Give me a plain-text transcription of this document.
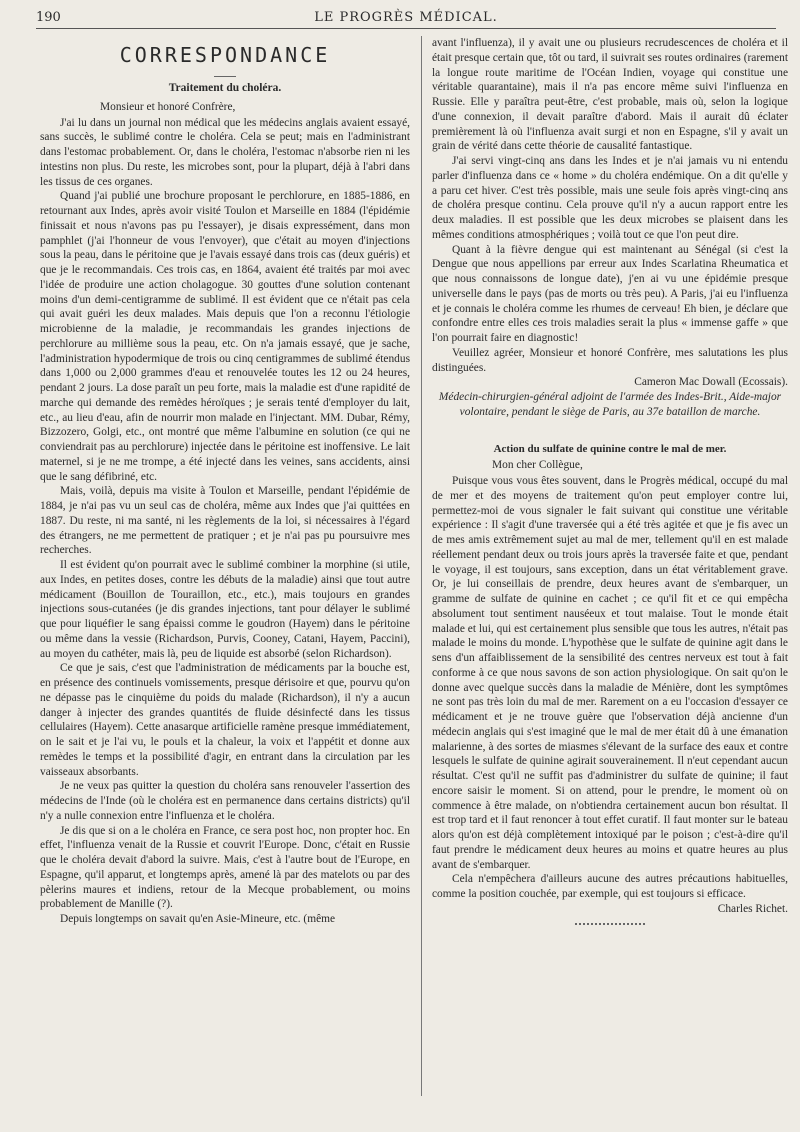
190	LE PROGRÈS MÉDICAL.
CORRESPONDANCE
Traitement du choléra.

Monsieur et honoré Confrère,

J'ai lu dans un journal non médical que les médecins anglais avaient essayé, sans succès, le sublimé contre le choléra. Cela se peut; mais en l'administrant dans l'estomac probablement. Or, dans le choléra, l'estomac n'absorbe rien ni les intestins non plus. Du reste, les microbes sont, pour la plupart, déjà à l'abri dans les tissus de ces organes.

Quand j'ai publié une brochure proposant le perchlorure, en 1885-1886, en retournant aux Indes, après avoir visité Toulon et Marseille en 1884 (l'épidémie finissait et nous n'avons pas pu l'essayer), je disais expressément, dans mon pamphlet (j'ai l'honneur de vous l'envoyer), que c'était au moyen d'injections sous la peau, dans le péritoine que je l'avais essayé dans trois cas (deux guéris) et que je le recommandais. Ces trois cas, en 1864, avaient été traités par moi avec l'idée de produire une action cholagogue. 30 gouttes d'une solution contenant moins d'un demi-centigramme de sublimé. Il est évident que ce n'était pas cela qui avait guéri les deux malades. Mais depuis que l'on a reconnu l'étiologie microbienne de la maladie, je recommandais les grandes injections de perchlorure au millième sous la peau, etc. On n'a jamais essayé, que je sache, l'administration hypodermique de trois ou cinq centigrammes de sublimé étendus dans 1,000 ou 2,000 grammes d'eau et renouvelée toutes les 12 ou 24 heures, pendant 2 jours. La dose paraît un peu forte, mais la maladie est d'une rapidité de marche qui demande des remèdes héroïques ; je serais tenté d'employer du lait, etc., au lieu d'eau, afin de nourrir mon malade en l'injectant. MM. Dubar, Rémy, Bizzozero, Golgi, etc., ont montré que même l'albumine en solution (ce qui ne conviendrait pas au perchlorure) injectée dans le péritoine est inoffensive. Le lait maternel, si je ne me trompe, a été injecté dans les veines, sans accidents, ainsi que le sang défibriné, etc.

Mais, voilà, depuis ma visite à Toulon et Marseille, pendant l'épidémie de 1884, je n'ai pas vu un seul cas de choléra, même aux Indes que j'ai quittées en 1887. Du reste, ni ma santé, ni les règlements de la loi, si nécessaires à l'égard des étrangers, ne me permettent de pratiquer ; et je n'ai pas pu poursuivre mes recherches.

Il est évident qu'on pourrait avec le sublimé combiner la morphine (si utile, aux Indes, en petites doses, contre les débuts de la maladie) ainsi que tout autre médicament (Bouillon de Touraillon, etc., etc.), mais toujours en grandes injections sous-cutanées (je dis grandes injections, tant pour délayer le sublimé que pour liquéfier le sang épaissi comme le goudron (Hayem) dans le péritoine ou même dans la vessie (Richardson, Purvis, Cooney, Catani, Hayem, Paccini), au moyen du cathéter, mais là, peu de liquide est absorbé (selon Richardson).

Ce que je sais, c'est que l'administration de médicaments par la bouche est, en présence des continuels vomissements, presque dérisoire et que, pourvu qu'on ne dépasse pas le cinquième du poids du malade (Richardson), il n'y a aucun danger à injecter des grandes quantités de fluide désinfecté dans les tissus cellulaires (Hayem). Cette anasarque artificielle ramène presque immédiatement, on le sait et je l'ai vu, le pouls et la chaleur, la voix et l'appétit et donne aux remèdes le temps et la possibilité d'agir, en entrant dans la circulation par les vaisseaux absorbants.

Je ne veux pas quitter la question du choléra sans renouveler l'assertion des médecins de l'Inde (où le choléra est en permanence dans certains districts) qu'il n'y a nulle connexion entre l'influenza et le choléra.

Je dis que si on a le choléra en France, ce sera post hoc, non propter hoc. En effet, l'influenza venait de la Russie et couvrit l'Europe. Donc, c'était en Russie que le choléra devait d'abord la suivre. Mais, c'est à l'autre bout de l'Europe, en Espagne, qu'il apparut, et longtemps après, amené là par des matelots ou par des pèlerins maures et indiens, retour de la Mecque probablement, ou moins probablement de Manille (?).

Depuis longtemps on savait qu'en Asie-Mineure, etc. (même

avant l'influenza), il y avait une ou plusieurs recrudescences de choléra et il était presque certain que, tôt ou tard, il suivrait ses routes ordinaires (rarement la longue route maritime de l'Océan Indien, voyage qui constitue une véritable quarantaine), mais il n'a pas encore même suivi l'influenza en Russie. Elle y paraîtra peut-être, c'est probable, mais où, selon la logique d'une connexion, il devait paraître d'abord. Mais il aurait dû éclater premièrement là où l'influenza avait surgi et non en Espagne, s'il y avait un grain de vérité dans cette théorie de causalité fantastique.

J'ai servi vingt-cinq ans dans les Indes et je n'ai jamais vu ni entendu parler d'influenza dans ce « home » du choléra endémique. On a dit qu'elle y a paru cet hiver. C'est très possible, mais une seule fois après vingt-cinq ans de choléra presque continu. Cela prouve qu'il n'y a aucun rapport entre les deux maladies. Il est possible que les deux microbes se plaisent dans les mêmes conditions atmosphériques ; voilà tout ce que l'on peut dire.

Quant à la fièvre dengue qui est maintenant au Sénégal (si c'est la Dengue que nous appellions par erreur aux Indes Scarlatina Rheumatica et que nous connaissons de longue date), j'en ai vu une épidémie presque universelle dans le pays (pas de morts ou très peu). A Paris, j'ai eu l'influenza et je connais le choléra comme les rhumes de cerveau! Eh bien, je déclare que confondre entre elles ces trois maladies serait la plus « immense gaffe » que l'on pourrait faire en diagnostic!

Veuillez agréer, Monsieur et honoré Confrère, mes salutations les plus distinguées.

Cameron Mac Dowall (Ecossais).

Médecin-chirurgien-général adjoint de l'armée des Indes-Brit., Aide-major volontaire, pendant le siège de Paris, au 37e bataillon de marche.

Action du sulfate de quinine contre le mal de mer.

Mon cher Collègue,

Puisque vous vous êtes souvent, dans le Progrès médical, occupé du mal de mer et des moyens de traitement qu'on peut employer contre lui, permettez-moi de vous signaler le fait suivant qui constitue une véritable expérience : Il s'agit d'une traversée qui a été très agitée et que je fis avec un de mes amis extrêmement sujet au mal de mer, tellement qu'il en est malade réellement pendant deux ou trois jours après la traversée faite et que, pendant le voyage, il est toujours, sans exception, dans un état véritablement grave. Or, je lui conseillais de prendre, deux heures avant de s'embarquer, un gramme de sulfate de quinine en cachet ; ce qu'il fit et ce qui empêcha absolument tout sentiment nauséeux et tout malaise. Tout le monde était malade et lui, qui est certainement plus sensible que tous les autres, n'était pas malade le moins du monde. L'hypothèse que le sulfate de quinine agit dans le sens d'un affaiblissement de la sensibilité des centres nerveux est tout à fait conforme à ce que nous savons de son action physiologique. On sait qu'on le donne avec quelque succès dans la maladie de Ménière, dont les symptômes ne sont pas très loin du mal de mer. Rarement on a eu l'occasion d'essayer ce médicament et je ne trouve guère que l'observation déjà ancienne d'un médecin anglais qui s'est imaginé que le mal de mer était dû à une émanation malarienne, à des sortes de miasmes s'élevant de la surface des eaux et contre lesquels le sulfate de quinine agirait souverainement. Il n'eut cependant aucun résultat. C'est qu'il ne suffit pas d'administrer du sulfate de quinine; il faut encore saisir le moment. Si on attend, pour le prendre, le moment où on commence à être malade, on n'obtiendra certainement aucun bon résultat. Il est trop tard et il faut renoncer à tout effet curatif. Il faut monter sur le bateau alors qu'on est déjà complètement intoxiqué par le poison ; c'est-à-dire qu'il faut prendre le médicament deux heures au moins et quatre heures au plus avant de s'embarquer.

Cela n'empêchera d'ailleurs aucune des autres précautions habituelles, comme la position couchée, par exemple, qui est toujours si efficace.

Charles Richet.
